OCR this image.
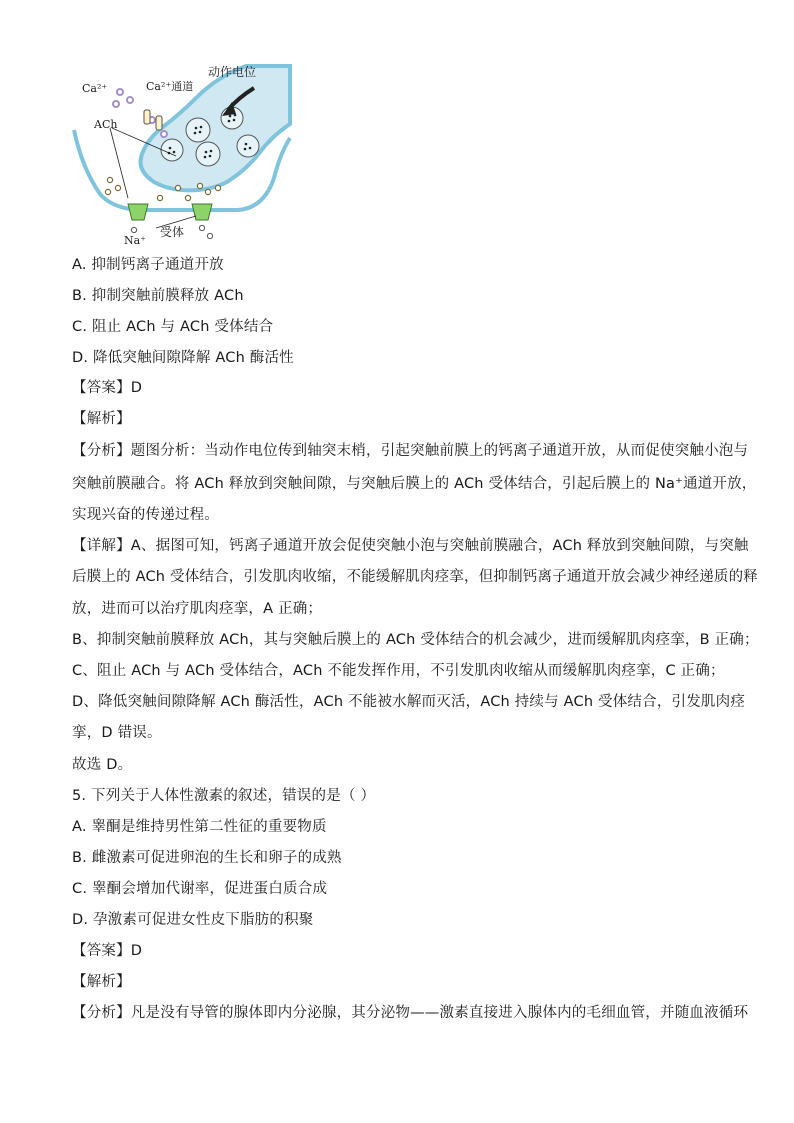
Ca²⁺	Ca²⁺通道
动作电位
ACh
Na⁺
受体
A. 抑制钙离子通道开放
B. 抑制突触前膜释放 ACh
C. 阻止 ACh 与 ACh 受体结合
D. 降低突触间隙降解 ACh 酶活性
【答案】D
【解析】
【分析】题图分析：当动作电位传到轴突末梢，引起突触前膜上的钙离子通道开放，从而促使突触小泡与
突触前膜融合。将 ACh 释放到突触间隙，与突触后膜上的 ACh 受体结合，引起后膜上的 Na⁺通道开放，
实现兴奋的传递过程。
【详解】A、据图可知，钙离子通道开放会促使突触小泡与突触前膜融合，ACh 释放到突触间隙，与突触
后膜上的 ACh 受体结合，引发肌肉收缩，不能缓解肌肉痉挛，但抑制钙离子通道开放会减少神经递质的释
放，进而可以治疗肌肉痉挛，A 正确；
B、抑制突触前膜释放 ACh，其与突触后膜上的 ACh 受体结合的机会减少，进而缓解肌肉痉挛，B 正确；
C、阻止 ACh 与 ACh 受体结合，ACh 不能发挥作用，不引发肌肉收缩从而缓解肌肉痉挛，C 正确；
D、降低突触间隙降解 ACh 酶活性，ACh 不能被水解而灭活，ACh 持续与 ACh 受体结合，引发肌肉痉
挛，D 错误。
故选 D。
5. 下列关于人体性激素的叙述，错误的是（ ）
A. 睾酮是维持男性第二性征的重要物质
B. 雌激素可促进卵泡的生长和卵子的成熟
C. 睾酮会增加代谢率，促进蛋白质合成
D. 孕激素可促进女性皮下脂肪的积聚
【答案】D
【解析】
【分析】凡是没有导管的腺体即内分泌腺，其分泌物——激素直接进入腺体内的毛细血管，并随血液循环
